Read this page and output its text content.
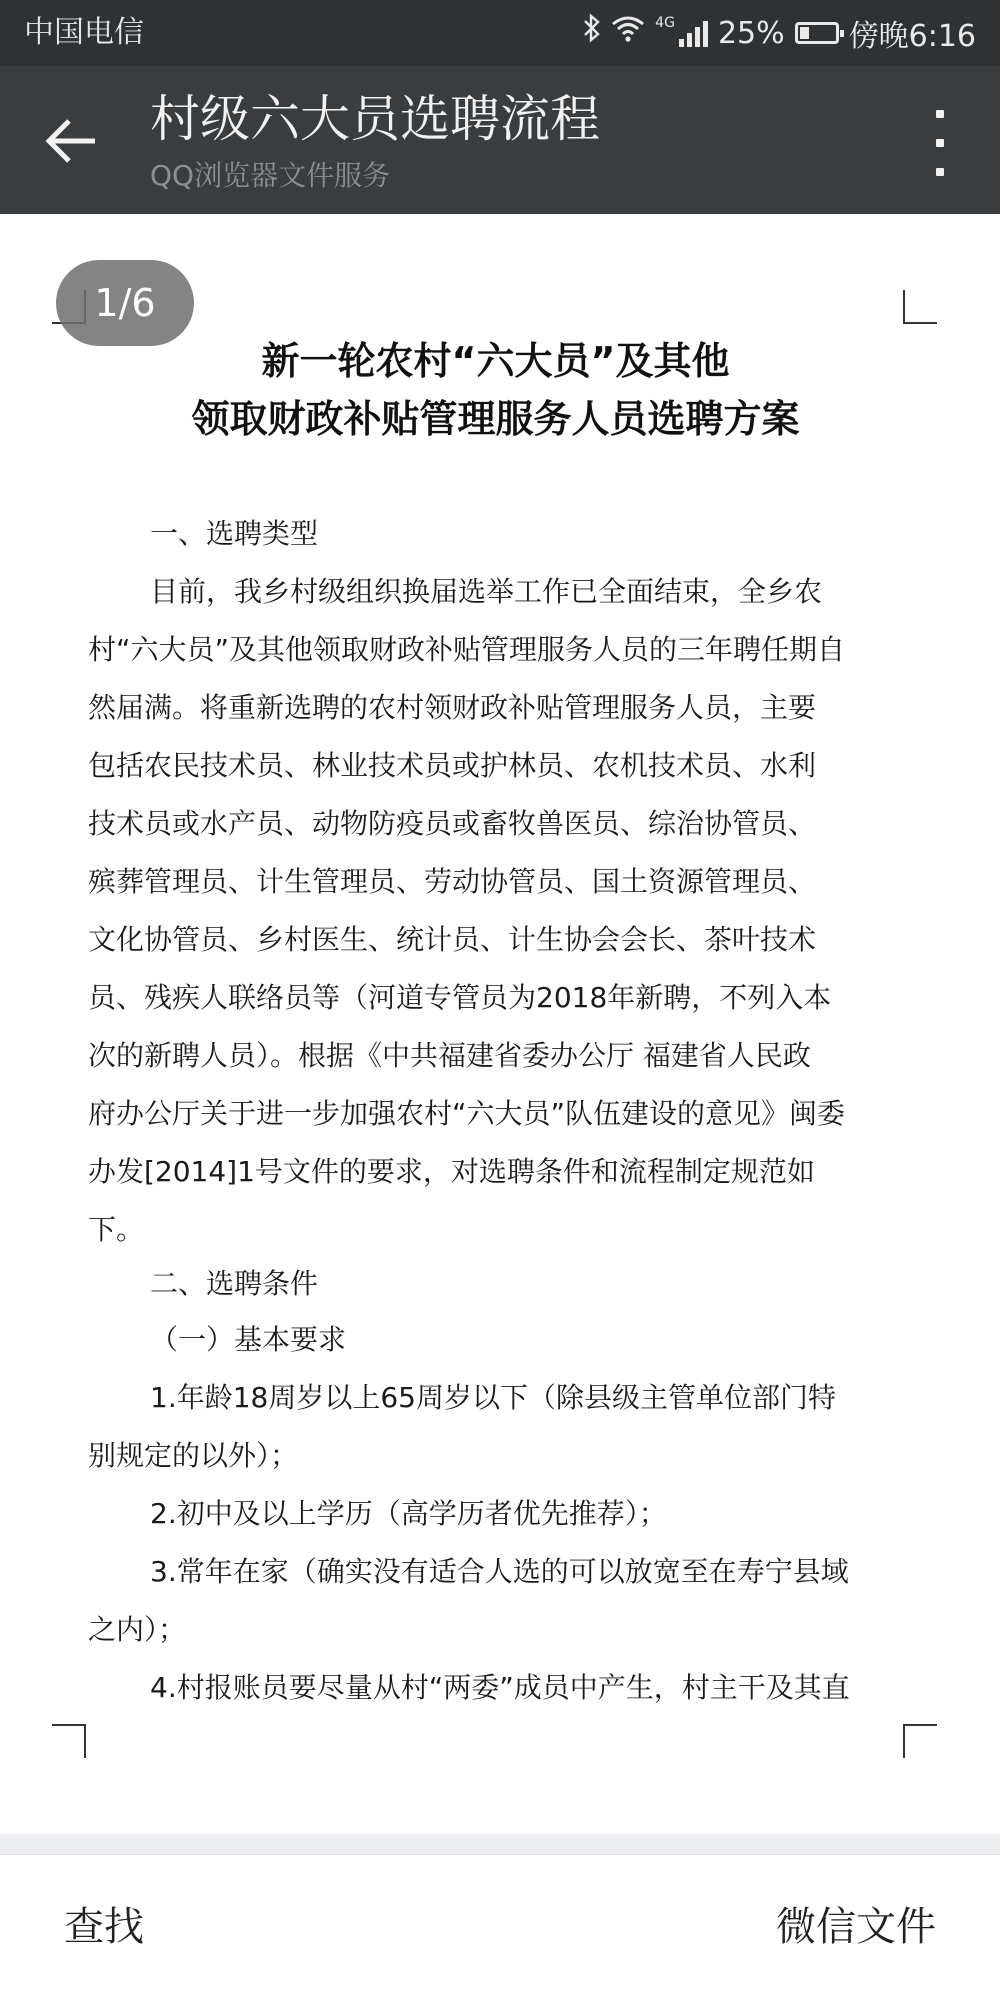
中国电信	4G 25% 傍晚6:16
村级六大员选聘流程
QQ浏览器文件服务
1/6
新一轮农村“六大员”及其他
领取财政补贴管理服务人员选聘方案
一、选聘类型
目前，我乡村级组织换届选举工作已全面结束，全乡农
村“六大员”及其他领取财政补贴管理服务人员的三年聘任期自
然届满。将重新选聘的农村领财政补贴管理服务人员，主要
包括农民技术员、林业技术员或护林员、农机技术员、水利
技术员或水产员、动物防疫员或畜牧兽医员、综治协管员、
殡葬管理员、计生管理员、劳动协管员、国土资源管理员、
文化协管员、乡村医生、统计员、计生协会会长、茶叶技术
员、残疾人联络员等（河道专管员为2018年新聘，不列入本
次的新聘人员）。根据《中共福建省委办公厅 福建省人民政
府办公厅关于进一步加强农村“六大员”队伍建设的意见》闽委
办发[2014]1号文件的要求，对选聘条件和流程制定规范如
下。
二、选聘条件
（一）基本要求
1.年龄18周岁以上65周岁以下（除县级主管单位部门特
别规定的以外）；
2.初中及以上学历（高学历者优先推荐）；
3.常年在家（确实没有适合人选的可以放宽至在寿宁县域
之内）；
4.村报账员要尽量从村“两委”成员中产生，村主干及其直
查找	微信文件
